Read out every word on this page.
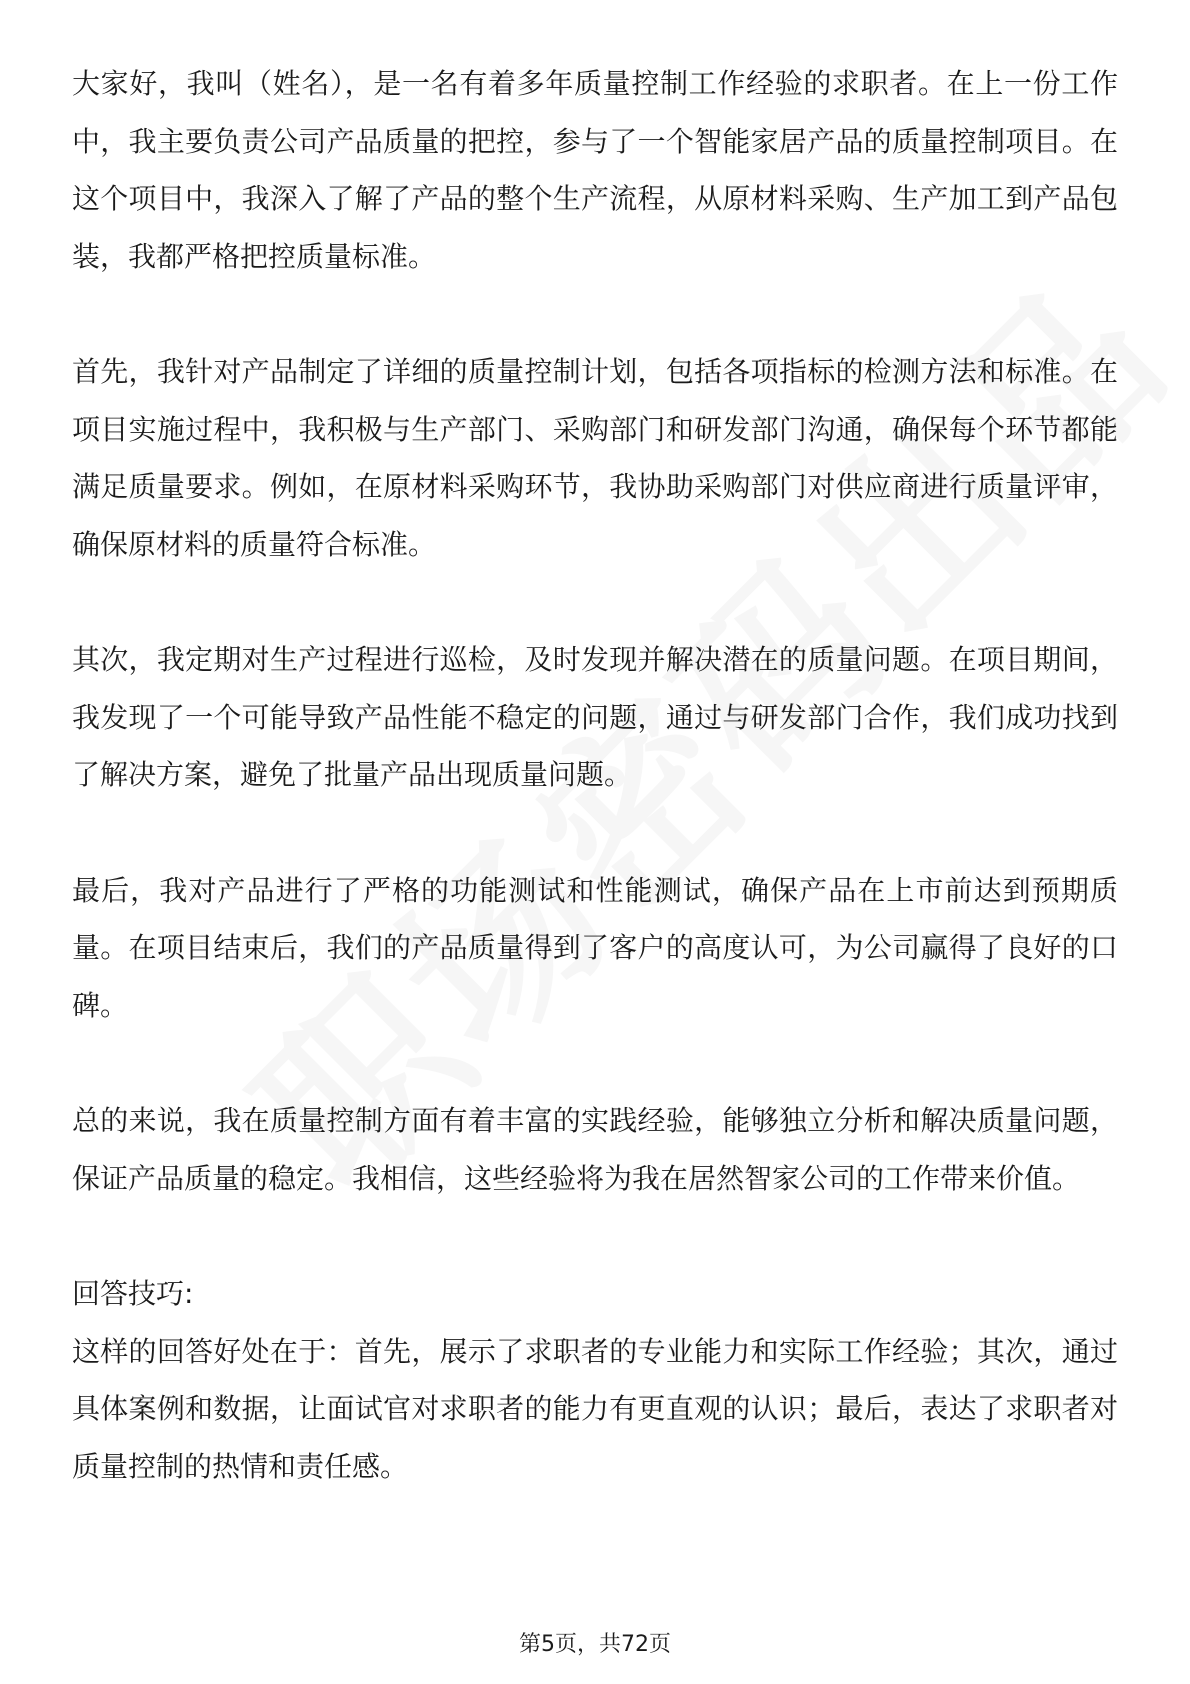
大家好，我叫（姓名），是一名有着多年质量控制工作经验的求职者。在上一份工作中，我主要负责公司产品质量的把控，参与了一个智能家居产品的质量控制项目。在这个项目中，我深入了解了产品的整个生产流程，从原材料采购、生产加工到产品包装，我都严格把控质量标准。

首先，我针对产品制定了详细的质量控制计划，包括各项指标的检测方法和标准。在项目实施过程中，我积极与生产部门、采购部门和研发部门沟通，确保每个环节都能满足质量要求。例如，在原材料采购环节，我协助采购部门对供应商进行质量评审，确保原材料的质量符合标准。

其次，我定期对生产过程进行巡检，及时发现并解决潜在的质量问题。在项目期间，我发现了一个可能导致产品性能不稳定的问题，通过与研发部门合作，我们成功找到了解决方案，避免了批量产品出现质量问题。

最后，我对产品进行了严格的功能测试和性能测试，确保产品在上市前达到预期质量。在项目结束后，我们的产品质量得到了客户的高度认可，为公司赢得了良好的口碑。

总的来说，我在质量控制方面有着丰富的实践经验，能够独立分析和解决质量问题，保证产品质量的稳定。我相信，这些经验将为我在居然智家公司的工作带来价值。

回答技巧:

这样的回答好处在于：首先，展示了求职者的专业能力和实际工作经验；其次，通过具体案例和数据，让面试官对求职者的能力有更直观的认识；最后，表达了求职者对质量控制的热情和责任感。

第5页，共72页
